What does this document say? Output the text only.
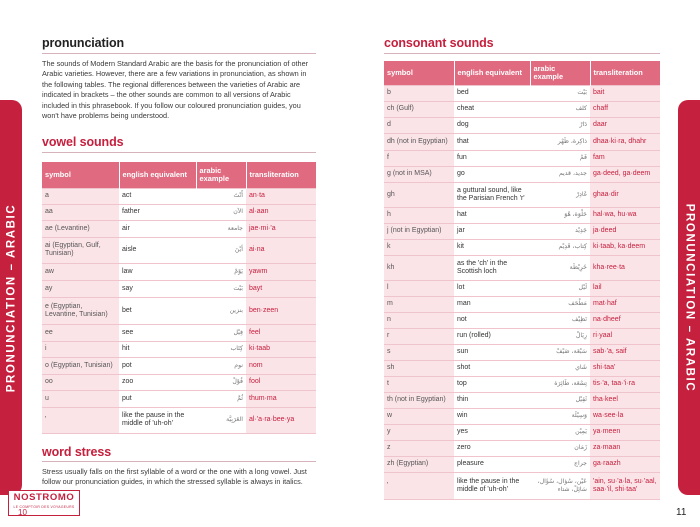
PRONUNCIATION – ARABIC
pronunciation

The sounds of Modern Standard Arabic are the basis for the pronunciation of other Arabic varieties. However, there are a few variations in pronunciation, as shown in the following tables. The regional differences between the varieties of Arabic are indicated in brackets – the other sounds are common to all versions of Arabic included in this phrasebook. If you follow our coloured pronunciation guides, you won't have problems being understood.

vowel sounds
symbol	english equivalent	arabic example	transliteration
a	act	أَنْتَ	an·ta
aa	father	الآن	al·aan
ae (Levantine)	air	جامعة	jae·mi·'a
ai (Egyptian, Gulf, Tunisian)	aisle	أيْنَ	ai·na
aw	law	يَوْمْ	yawm
ay	say	بَيْت	bayt
e (Egyptian, Levantine, Tunisian)	bet	بنزين	ben·zeen
ee	see	فِيْل	feel
i	hit	كِتَاب	ki·taab
o (Egyptian, Tunisian)	pot	نوم	nom
oo	zoo	فُوْلْ	fool
u	put	ثُمَّ	thum·ma
'	like the pause in the middle of 'uh-oh'	العَرَبِيَّة	al·'a·ra·bee·ya
word stress

Stress usually falls on the first syllable of a word or the one with a long vowel. Just follow our pronunciation guides, in which the stressed syllable is always in italics.

NOSTROMO
LE COMPTOIR DES VOYAGEURS
10
consonant sounds
symbol	english equivalent	arabic example	transliteration
b	bed	بَيْت	bait
ch (Gulf)	cheat	كلف	chaff
d	dog	دَارْ	daar
dh (not in Egyptian)	that	ذاكِرة، ظَهْر	dhaa·ki·ra, dhahr
f	fun	فَمْ	fam
g (not in MSA)	go	جديد، قديم	ga·deed, ga·deem
gh	a guttural sound, like the Parisian French 'r'	غَادِرْ	ghaa·dir
h	hat	حَلْوَة، هُوَ	hal·wa, hu·wa
j (not in Egyptian)	jar	جَدِيْد	ja·deed
k	kit	كِتاب، قَدِيْم	ki·taab, ka·deem
kh	as the 'ch' in the Scottish loch	خَرِيْطَة	kha·ree·ta
l	lot	لَيْل	lail
m	man	مَطْحَف	mat·haf
n	not	نَظِيْف	na·dheef
r	run (rolled)	رِيَالْ	ri·yaal
s	sun	سَبْعَة، صَيْفْ	sab·'a, saif
sh	shot	شَاي	shi·taa'
t	top	تِسْعَة، طَائِرَة	tis·'a, taa·'i·ra
th (not in Egyptian)	thin	ثَقِيْل	tha·keel
w	win	وَسِيْلَة	wa·see·la
y	yes	يَمِيْن	ya·meen
z	zero	زَمَان	za·maan
zh (Egyptian)	pleasure	جراج	ga·raazh
'	like the pause in the middle of 'uh-oh'	عَيْن، سُؤال، سُؤَال، سَائِلْ، شتاء	'ain, su·'a·la, su·'aal, saa·'il, shi·taa'
PRONUNCIATION – ARABIC
11
